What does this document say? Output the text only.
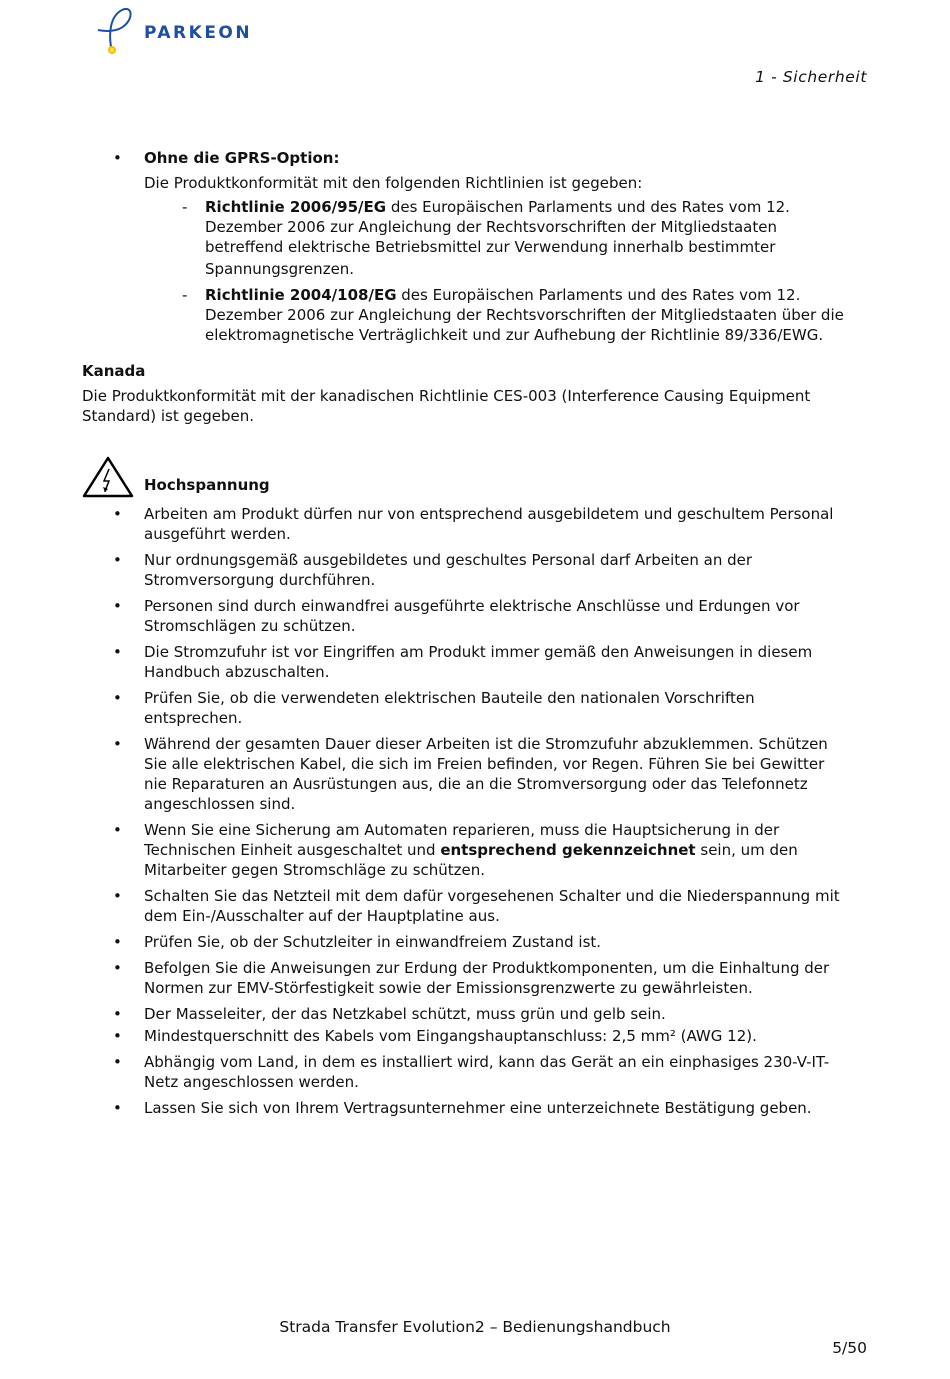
PARKEON
1 - Sicherheit
• Ohne die GPRS-Option:
Die Produktkonformität mit den folgenden Richtlinien ist gegeben:
- Richtlinie 2006/95/EG des Europäischen Parlaments und des Rates vom 12.
Dezember 2006 zur Angleichung der Rechtsvorschriften der Mitgliedstaaten
betreffend elektrische Betriebsmittel zur Verwendung innerhalb bestimmter
Spannungsgrenzen.
- Richtlinie 2004/108/EG des Europäischen Parlaments und des Rates vom 12.
Dezember 2006 zur Angleichung der Rechtsvorschriften der Mitgliedstaaten über die
elektromagnetische Verträglichkeit und zur Aufhebung der Richtlinie 89/336/EWG.
Kanada
Die Produktkonformität mit der kanadischen Richtlinie CES-003 (Interference Causing Equipment
Standard) ist gegeben.
Hochspannung
• Arbeiten am Produkt dürfen nur von entsprechend ausgebildetem und geschultem Personal
ausgeführt werden.
• Nur ordnungsgemäß ausgebildetes und geschultes Personal darf Arbeiten an der
Stromversorgung durchführen.
• Personen sind durch einwandfrei ausgeführte elektrische Anschlüsse und Erdungen vor
Stromschlägen zu schützen.
• Die Stromzufuhr ist vor Eingriffen am Produkt immer gemäß den Anweisungen in diesem
Handbuch abzuschalten.
• Prüfen Sie, ob die verwendeten elektrischen Bauteile den nationalen Vorschriften
entsprechen.
• Während der gesamten Dauer dieser Arbeiten ist die Stromzufuhr abzuklemmen. Schützen
Sie alle elektrischen Kabel, die sich im Freien befinden, vor Regen. Führen Sie bei Gewitter
nie Reparaturen an Ausrüstungen aus, die an die Stromversorgung oder das Telefonnetz
angeschlossen sind.
• Wenn Sie eine Sicherung am Automaten reparieren, muss die Hauptsicherung in der
Technischen Einheit ausgeschaltet und entsprechend gekennzeichnet sein, um den
Mitarbeiter gegen Stromschläge zu schützen.
• Schalten Sie das Netzteil mit dem dafür vorgesehenen Schalter und die Niederspannung mit
dem Ein-/Ausschalter auf der Hauptplatine aus.
• Prüfen Sie, ob der Schutzleiter in einwandfreiem Zustand ist.
• Befolgen Sie die Anweisungen zur Erdung der Produktkomponenten, um die Einhaltung der
Normen zur EMV-Störfestigkeit sowie der Emissionsgrenzwerte zu gewährleisten.
• Der Masseleiter, der das Netzkabel schützt, muss grün und gelb sein.
• Mindestquerschnitt des Kabels vom Eingangshauptanschluss: 2,5 mm² (AWG 12).
• Abhängig vom Land, in dem es installiert wird, kann das Gerät an ein einphasiges 230-V-IT-
Netz angeschlossen werden.
• Lassen Sie sich von Ihrem Vertragsunternehmer eine unterzeichnete Bestätigung geben.
Strada Transfer Evolution2 – Bedienungshandbuch
5/50
